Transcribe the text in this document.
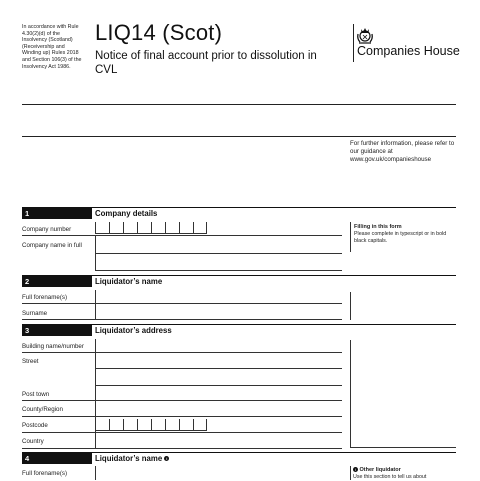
In accordance with Rule 4.30(2)(d) of the Insolvency (Scotland) (Receivership and Winding up) Rules 2018 and Section 106(3) of the Insolvency Act 1986.
LIQ14 (Scot)
Notice of final account prior to dissolution in CVL
Companies House
For further information, please refer to our guidance at www.gov.uk/companieshouse
1	Company details
Company number
Company name in full
Filling in this form
Please complete in typescript or in bold black capitals.
2	Liquidator’s name
Full forename(s)
Surname
3	Liquidator’s address
Building name/number
Street
Post town
County/Region
Postcode
Country
4	Liquidator’s name i
Full forename(s)
i Other liquidator
Use this section to tell us about
